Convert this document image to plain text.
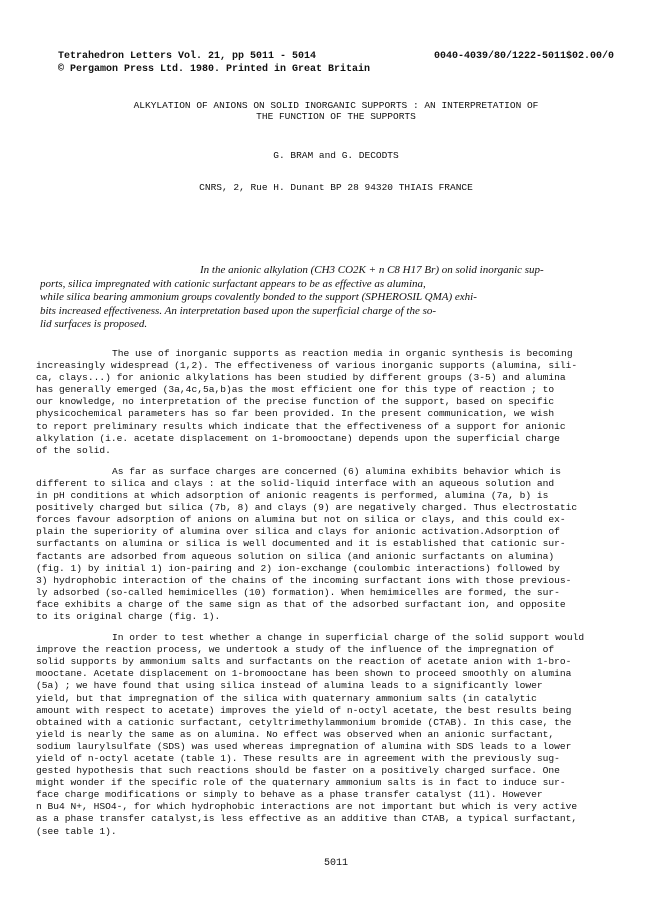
Tetrahedron Letters Vol. 21, pp 5011 - 5014	0040-4039/80/1222-5011$02.00/0
© Pergamon Press Ltd. 1980. Printed in Great Britain
ALKYLATION OF ANIONS ON SOLID INORGANIC SUPPORTS : AN INTERPRETATION OF
THE FUNCTION OF THE SUPPORTS
G. BRAM and G. DECODTS
CNRS, 2, Rue H. Dunant BP 28 94320 THIAIS FRANCE
In the anionic alkylation (CH3 CO2K + n C8 H17 Br) on solid inorganic sup-
ports, silica impregnated with cationic surfactant appears to be as effective as alumina,
while silica bearing ammonium groups covalently bonded to the support (SPHEROSIL QMA) exhi-
bits increased effectiveness. An interpretation based upon the superficial charge of the so-
lid surfaces is proposed.
The use of inorganic supports as reaction media in organic synthesis is becoming
increasingly widespread (1,2). The effectiveness of various inorganic supports (alumina, sili-
ca, clays...) for anionic alkylations has been studied by different groups (3-5) and alumina
has generally emerged (3a,4c,5a,b)as the most efficient one for this type of reaction ; to
our knowledge, no interpretation of the precise function of the support, based on specific
physicochemical parameters has so far been provided. In the present communication, we wish
to report preliminary results which indicate that the effectiveness of a support for anionic
alkylation (i.e. acetate displacement on 1-bromooctane) depends upon the superficial charge
of the solid.
As far as surface charges are concerned (6) alumina exhibits behavior which is
different to silica and clays : at the solid-liquid interface with an aqueous solution and
in pH conditions at which adsorption of anionic reagents is performed, alumina (7a, b) is
positively charged but silica (7b, 8) and clays (9) are negatively charged. Thus electrostatic
forces favour adsorption of anions on alumina but not on silica or clays, and this could ex-
plain the superiority of alumina over silica and clays for anionic activation.Adsorption of
surfactants on alumina or silica is well documented and it is established that cationic sur-
factants are adsorbed from aqueous solution on silica (and anionic surfactants on alumina)
(fig. 1) by initial 1) ion-pairing and 2) ion-exchange (coulombic interactions) followed by
3) hydrophobic interaction of the chains of the incoming surfactant ions with those previous-
ly adsorbed (so-called hemimicelles (10) formation). When hemimicelles are formed, the sur-
face exhibits a charge of the same sign as that of the adsorbed surfactant ion, and opposite
to its original charge (fig. 1).
In order to test whether a change in superficial charge of the solid support would
improve the reaction process, we undertook a study of the influence of the impregnation of
solid supports by ammonium salts and surfactants on the reaction of acetate anion with 1-bro-
mooctane. Acetate displacement on 1-bromooctane has been shown to proceed smoothly on alumina
(5a) ; we have found that using silica instead of alumina leads to a significantly lower
yield, but that impregnation of the silica with quaternary ammonium salts (in catalytic
amount with respect to acetate) improves the yield of n-octyl acetate, the best results being
obtained with a cationic surfactant, cetyltrimethylammonium bromide (CTAB). In this case, the
yield is nearly the same as on alumina. No effect was observed when an anionic surfactant,
sodium laurylsulfate (SDS) was used whereas impregnation of alumina with SDS leads to a lower
yield of n-octyl acetate (table 1). These results are in agreement with the previously sug-
gested hypothesis that such reactions should be faster on a positively charged surface. One
might wonder if the specific role of the quaternary ammonium salts is in fact to induce sur-
face charge modifications or simply to behave as a phase transfer catalyst (11). However
n Bu4 N+, HSO4-, for which hydrophobic interactions are not important but which is very active
as a phase transfer catalyst,is less effective as an additive than CTAB, a typical surfactant,
(see table 1).
5011
